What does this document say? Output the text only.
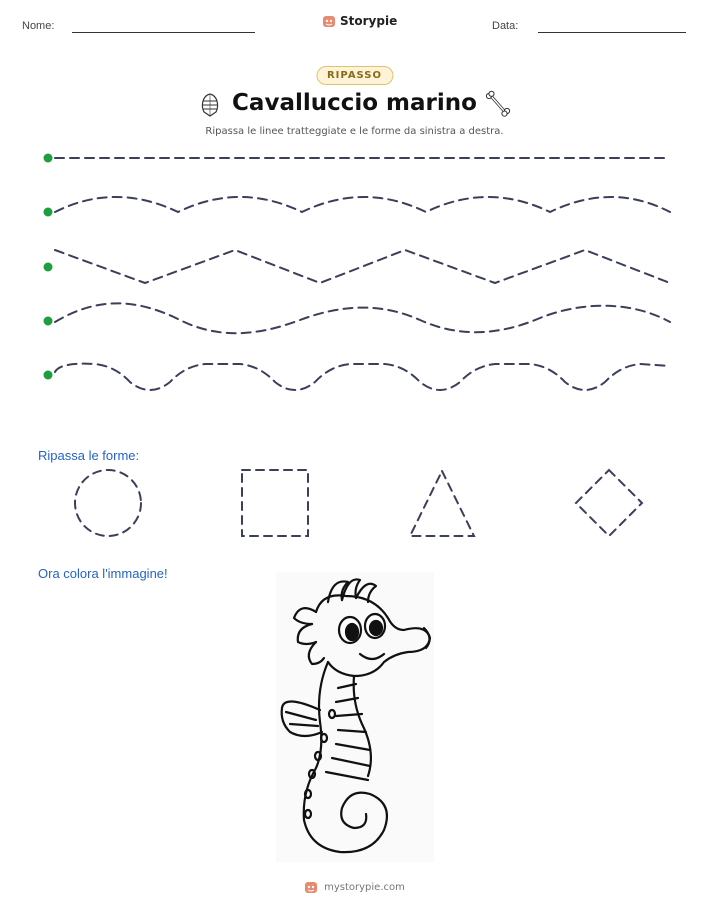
Nome:	Storypie	Data:
RIPASSO
Cavalluccio marino
Ripassa le linee tratteggiate e le forme da sinistra a destra.
Ripassa le forme:
Ora colora l'immagine!
mystorypie.com
